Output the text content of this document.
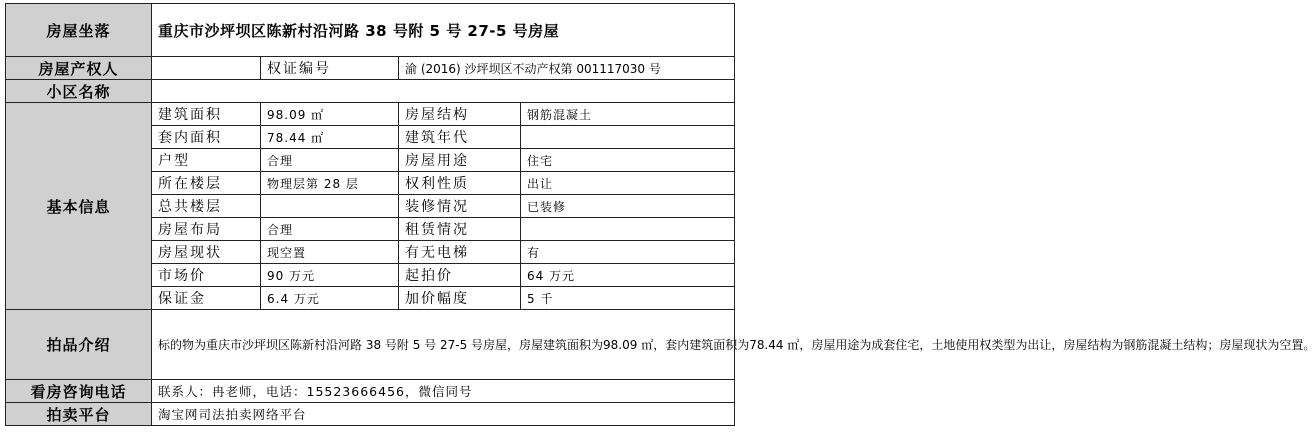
房屋坐落	重庆市沙坪坝区陈新村沿河路 38 号附 5 号 27-5 号房屋			
房屋产权人		权证编号	渝 (2016) 沙坪坝区不动产权第 001117030 号	
小区名称				
基本信息	建筑面积	98.09 ㎡	房屋结构	钢筋混凝土
	套内面积	78.44 ㎡	建筑年代	
	户型	合理	房屋用途	住宅
	所在楼层	物理层第 28 层	权利性质	出让
	总共楼层		装修情况	已装修
	房屋布局	合理	租赁情况	
	房屋现状	现空置	有无电梯	有
	市场价	90 万元	起拍价	64 万元
	保证金	6.4 万元	加价幅度	5 千
拍品介绍	标的物为重庆市沙坪坝区陈新村沿河路 38 号附 5 号 27-5 号房屋，房屋建筑面积为98.09 ㎡，套内建筑面积为78.44 ㎡，房屋用途为成套住宅，土地使用权类型为出让，房屋结构为钢筋混凝土结构；房屋现状为空置。			
看房咨询电话	联系人：冉老师，电话：15523666456，微信同号			
拍卖平台	淘宝网司法拍卖网络平台			
